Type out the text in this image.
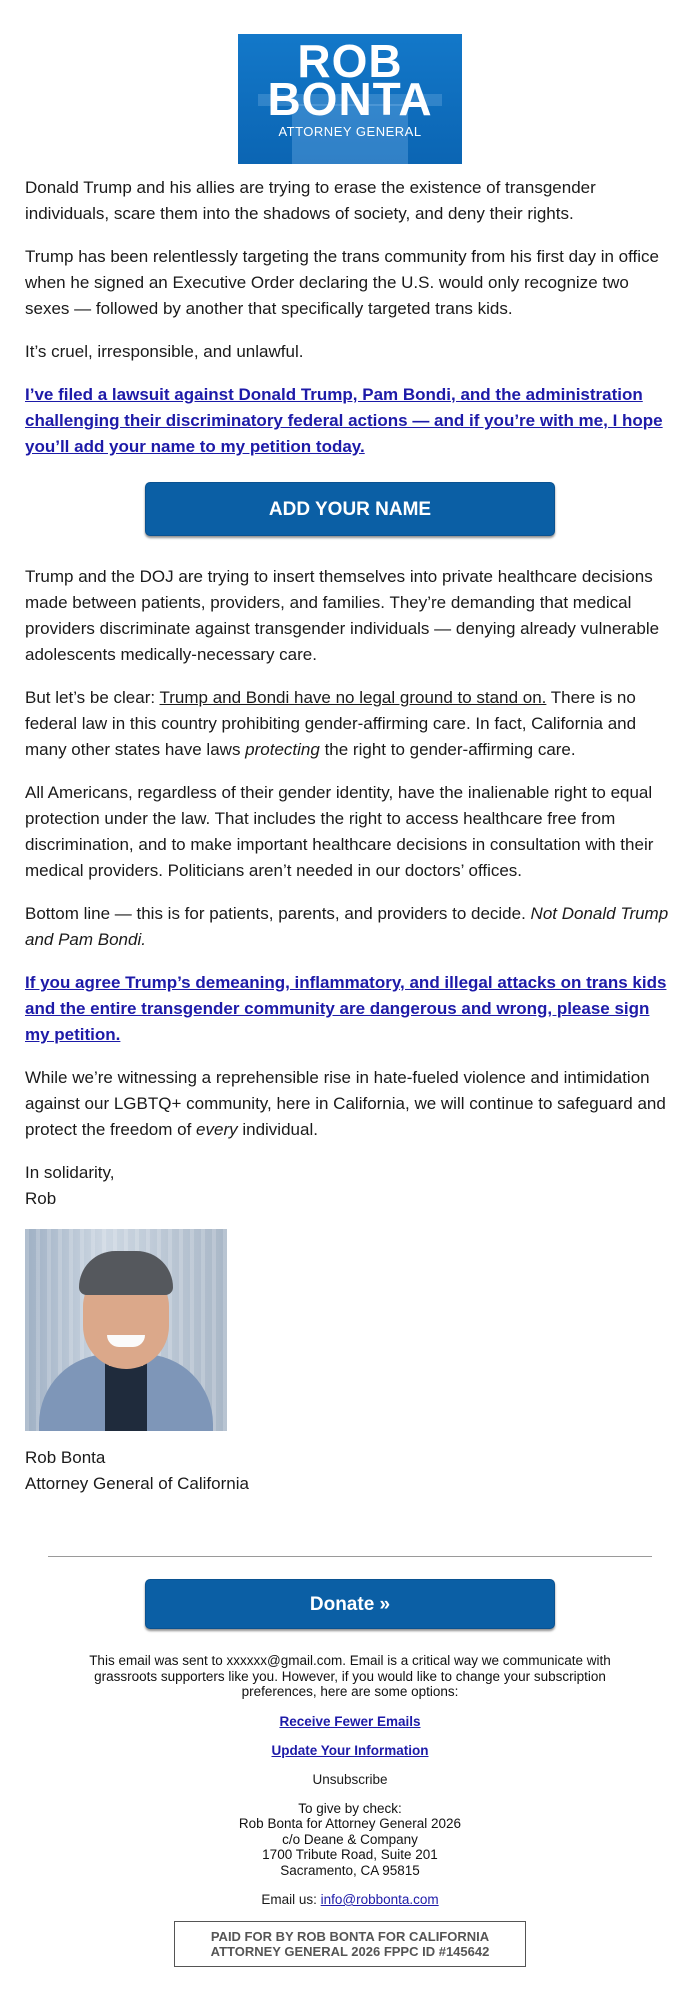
ROB
BONTA
ATTORNEY GENERAL

Donald Trump and his allies are trying to erase the existence of transgender individuals, scare them into the shadows of society, and deny their rights.

Trump has been relentlessly targeting the trans community from his first day in office when he signed an Executive Order declaring the U.S. would only recognize two sexes — followed by another that specifically targeted trans kids.

It’s cruel, irresponsible, and unlawful.

I’ve filed a lawsuit against Donald Trump, Pam Bondi, and the administration challenging their discriminatory federal actions — and if you’re with me, I hope you’ll add your name to my petition today.

ADD YOUR NAME

Trump and the DOJ are trying to insert themselves into private healthcare decisions made between patients, providers, and families. They’re demanding that medical providers discriminate against transgender individuals — denying already vulnerable adolescents medically-necessary care.

But let’s be clear: Trump and Bondi have no legal ground to stand on. There is no federal law in this country prohibiting gender-affirming care. In fact, California and many other states have laws protecting the right to gender-affirming care.

All Americans, regardless of their gender identity, have the inalienable right to equal protection under the law. That includes the right to access healthcare free from discrimination, and to make important healthcare decisions in consultation with their medical providers. Politicians aren’t needed in our doctors’ offices.

Bottom line — this is for patients, parents, and providers to decide. Not Donald Trump and Pam Bondi.

If you agree Trump’s demeaning, inflammatory, and illegal attacks on trans kids and the entire transgender community are dangerous and wrong, please sign my petition.

While we’re witnessing a reprehensible rise in hate-fueled violence and intimidation against our LGBTQ+ community, here in California, we will continue to safeguard and protect the freedom of every individual.

In solidarity,
Rob

Rob Bonta
Attorney General of California

Donate »
This email was sent to xxxxxx@gmail.com. Email is a critical way we communicate with grassroots supporters like you. However, if you would like to change your subscription preferences, here are some options:
Receive Fewer Emails
Update Your Information
Unsubscribe
To give by check:
Rob Bonta for Attorney General 2026
c/o Deane & Company
1700 Tribute Road, Suite 201
Sacramento, CA 95815
Email us: info@robbonta.com
PAID FOR BY ROB BONTA FOR CALIFORNIA
ATTORNEY GENERAL 2026 FPPC ID #145642
